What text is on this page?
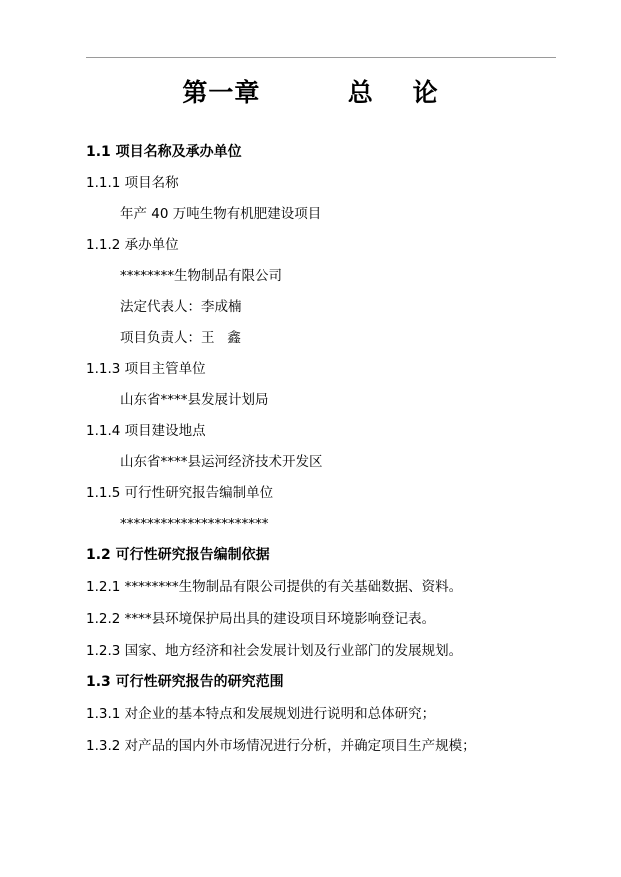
第一章	总    论
1.1 项目名称及承办单位
1.1.1 项目名称
年产 40 万吨生物有机肥建设项目
1.1.2 承办单位
********生物制品有限公司
法定代表人：李成楠
项目负责人：王   鑫
1.1.3 项目主管单位
山东省****县发展计划局
1.1.4 项目建设地点
山东省****县运河经济技术开发区
1.1.5 可行性研究报告编制单位
**********************
1.2 可行性研究报告编制依据
1.2.1 ********生物制品有限公司提供的有关基础数据、资料。
1.2.2 ****县环境保护局出具的建设项目环境影响登记表。
1.2.3 国家、地方经济和社会发展计划及行业部门的发展规划。
1.3 可行性研究报告的研究范围
1.3.1 对企业的基本特点和发展规划进行说明和总体研究；
1.3.2 对产品的国内外市场情况进行分析，并确定项目生产规模；
